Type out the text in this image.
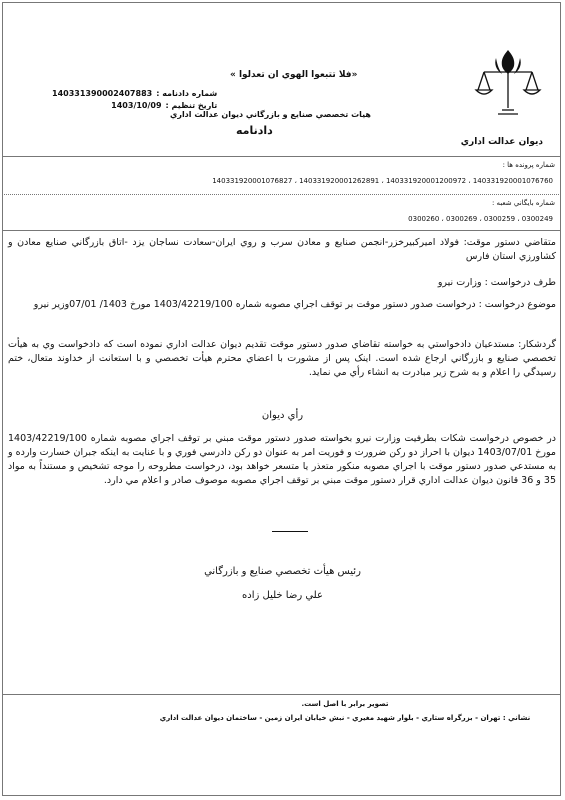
ديوان عدالت اداري
«فلا تتبعوا الهوي ان تعدلوا »
هیات تخصصي صنايع و بازرگاني ديوان عدالت اداري
دادنامه
شماره دادنامه :
140331390002407883
تاريخ تنظيم :
1403/10/09
شماره پرونده ها :
140331920001076827 ، 140331920001262891 ، 140331920001200972 ، 140331920001076760
شماره بايگاني شعبه :
0300260 ، 0300269 ، 0300259 ، 0300249
متقاضي دستور موقت: فولاد اميركبيرخزر-انجمن صنايع و معادن سرب و روي ايران-سعادت نساجان يزد -اتاق بازرگاني صنايع معادن و كشاورزي استان فارس
طرف درخواست : وزارت نيرو
موضوع درخواست : درخواست صدور دستور موقت بر توقف اجراي مصوبه شماره 1403/42219/100 مورخ 1403/ 07/01وزير نيرو
گردشكار: مستدعيان دادخواستي به خواسته تقاضاي صدور دستور موقت تقديم ديوان عدالت اداري نموده است كه دادخواست وي به هيأت تخصصي صنايع و بازرگاني ارجاع شده است. اينک پس از مشورت با اعضاي محترم هيأت تخصصي و با استعانت از خداوند متعال، ختم رسيدگي را اعلام و به شرح زير مبادرت به انشاء رأي مي نمايد.
رأي ديوان
در خصوص درخواست شكات بطرفيت وزارت نيرو بخواسته صدور دستور موقت مبني بر توقف اجراي مصوبه شماره 1403/42219/100 مورخ 1403/07/01 ديوان با احراز دو ركن ضرورت و فوريت امر به عنوان دو ركن دادرسي فوري و با عنايت به اينكه جبران خسارت وارده و به مستدعي صدور دستور موقت با اجراي مصوبه منكور متعذر يا متسعر خواهد بود، درخواست مطروحه را موجه تشخيص و مستنداً به مواد 35 و 36 قانون ديوان عدالت اداري قرار دستور موقت مبني بر توقف اجراي مصوبه موصوف صادر و اعلام مي دارد.
رئيس هيأت تخصصي صنايع و بازرگاني
علي رضا خليل زاده
تصوير برابر با اصل است.
نشاني : تهران - بزرگراه ستاري - بلوار شهيد مغيري - نبش خيابان ايران زمين - ساختمان ديوان عدالت اداري
